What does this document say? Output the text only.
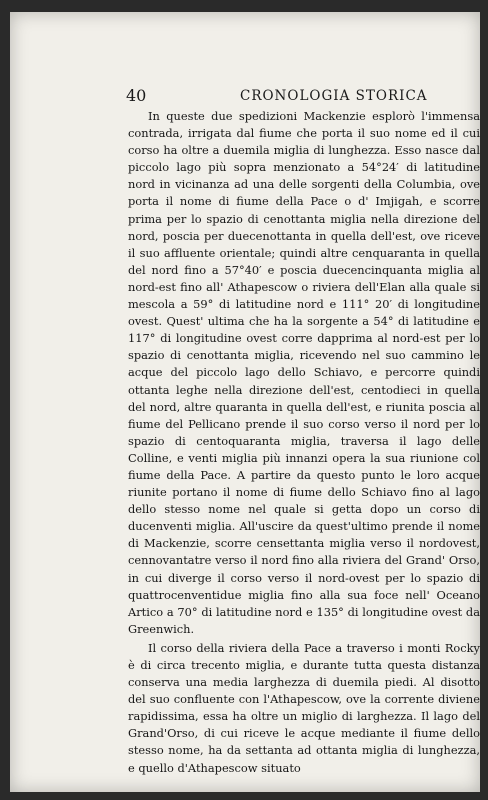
40	CRONOLOGIA STORICA

In queste due spedizioni Mackenzie esplorò l'immensa contrada, irrigata dal fiume che porta il suo nome ed il cui corso ha oltre a duemila miglia di lunghezza. Esso nasce dal piccolo lago più sopra menzionato a 54°24′ di latitudine nord in vicinanza ad una delle sorgenti della Columbia, ove porta il nome di fiume della Pace o d' Imjigah, e scorre prima per lo spazio di cenottanta miglia nella direzione del nord, poscia per duecenottanta in quella dell'est, ove riceve il suo affluente orientale; quindi altre cenquaranta in quella del nord fino a 57°40′ e poscia duecencinquanta miglia al nord-est fino all' Athapescow o riviera dell'Elan alla quale si mescola a 59° di latitudine nord e 111° 20′ di longitudine ovest. Quest' ultima che ha la sorgente a 54° di latitudine e 117° di longitudine ovest corre dapprima al nord-est per lo spazio di cenottanta miglia, ricevendo nel suo cammino le acque del piccolo lago dello Schiavo, e percorre quindi ottanta leghe nella direzione dell'est, centodieci in quella del nord, altre quaranta in quella dell'est, e riunita poscia al fiume del Pellicano prende il suo corso verso il nord per lo spazio di centoquaranta miglia, traversa il lago delle Colline, e venti miglia più innanzi opera la sua riunione col fiume della Pace. A partire da questo punto le loro acque riunite portano il nome di fiume dello Schiavo fino al lago dello stesso nome nel quale si getta dopo un corso di ducenventi miglia. All'uscire da quest'ultimo prende il nome di Mackenzie, scorre censettanta miglia verso il nordovest, cennovantatre verso il nord fino alla riviera del Grand' Orso, in cui diverge il corso verso il nord-ovest per lo spazio di quattrocenventidue miglia fino alla sua foce nell' Oceano Artico a 70° di latitudine nord e 135° di longitudine ovest da Greenwich.

Il corso della riviera della Pace a traverso i monti Rocky è di circa trecento miglia, e durante tutta questa distanza conserva una media larghezza di duemila piedi. Al disotto del suo confluente con l'Athapescow, ove la corrente diviene rapidissima, essa ha oltre un miglio di larghezza. Il lago del Grand'Orso, di cui riceve le acque mediante il fiume dello stesso nome, ha da settanta ad ottanta miglia di lunghezza, e quello d'Athapescow situato
